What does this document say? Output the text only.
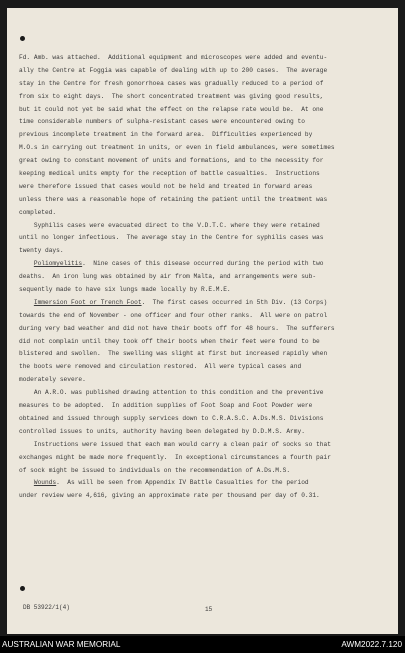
Fd. Amb. was attached.  Additional equipment and microscopes were added and eventu-
ally the Centre at Foggia was capable of dealing with up to 200 cases.  The average
stay in the Centre for fresh gonorrhoea cases was gradually reduced to a period of
from six to eight days.  The short concentrated treatment was giving good results,
but it could not yet be said what the effect on the relapse rate would be.  At one
time considerable numbers of sulpha-resistant cases were encountered owing to
previous incomplete treatment in the forward area.  Difficulties experienced by
M.O.s in carrying out treatment in units, or even in field ambulances, were sometimes
great owing to constant movement of units and formations, and to the necessity for
keeping medical units empty for the reception of battle casualties.  Instructions
were therefore issued that cases would not be held and treated in forward areas
unless there was a reasonable hope of retaining the patient until the treatment was
completed.
Syphilis cases were evacuated direct to the V.D.T.C. where they were retained
until no longer infectious.  The average stay in the Centre for syphilis cases was
twenty days.
Poliomyelitis.  Nine cases of this disease occurred during the period with two
deaths.  An iron lung was obtained by air from Malta, and arrangements were sub-
sequently made to have six lungs made locally by R.E.M.E.
Immersion Foot or Trench Foot.  The first cases occurred in 5th Div. (13 Corps)
towards the end of November - one officer and four other ranks.  All were on patrol
during very bad weather and did not have their boots off for 48 hours.  The sufferers
did not complain until they took off their boots when their feet were found to be
blistered and swollen.  The swelling was slight at first but increased rapidly when
the boots were removed and circulation restored.  All were typical cases and
moderately severe.
An A.R.O. was published drawing attention to this condition and the preventive
measures to be adopted.  In addition supplies of Foot Soap and Foot Powder were
obtained and issued through supply services down to C.R.A.S.C. A.Ds.M.S. Divisions
controlled issues to units, authority having been delegated by D.D.M.S. Army.
Instructions were issued that each man would carry a clean pair of socks so that
exchanges might be made more frequently.  In exceptional circumstances a fourth pair
of sock might be issued to individuals on the recommendation of A.Ds.M.S.
Wounds.  As will be seen from Appendix IV Battle Casualties for the period
under review were 4,616, giving an approximate rate per thousand per day of 0.31.
DB 53922/1(4)	15
AUSTRALIAN WAR MEMORIAL	AWM2022.7.120
